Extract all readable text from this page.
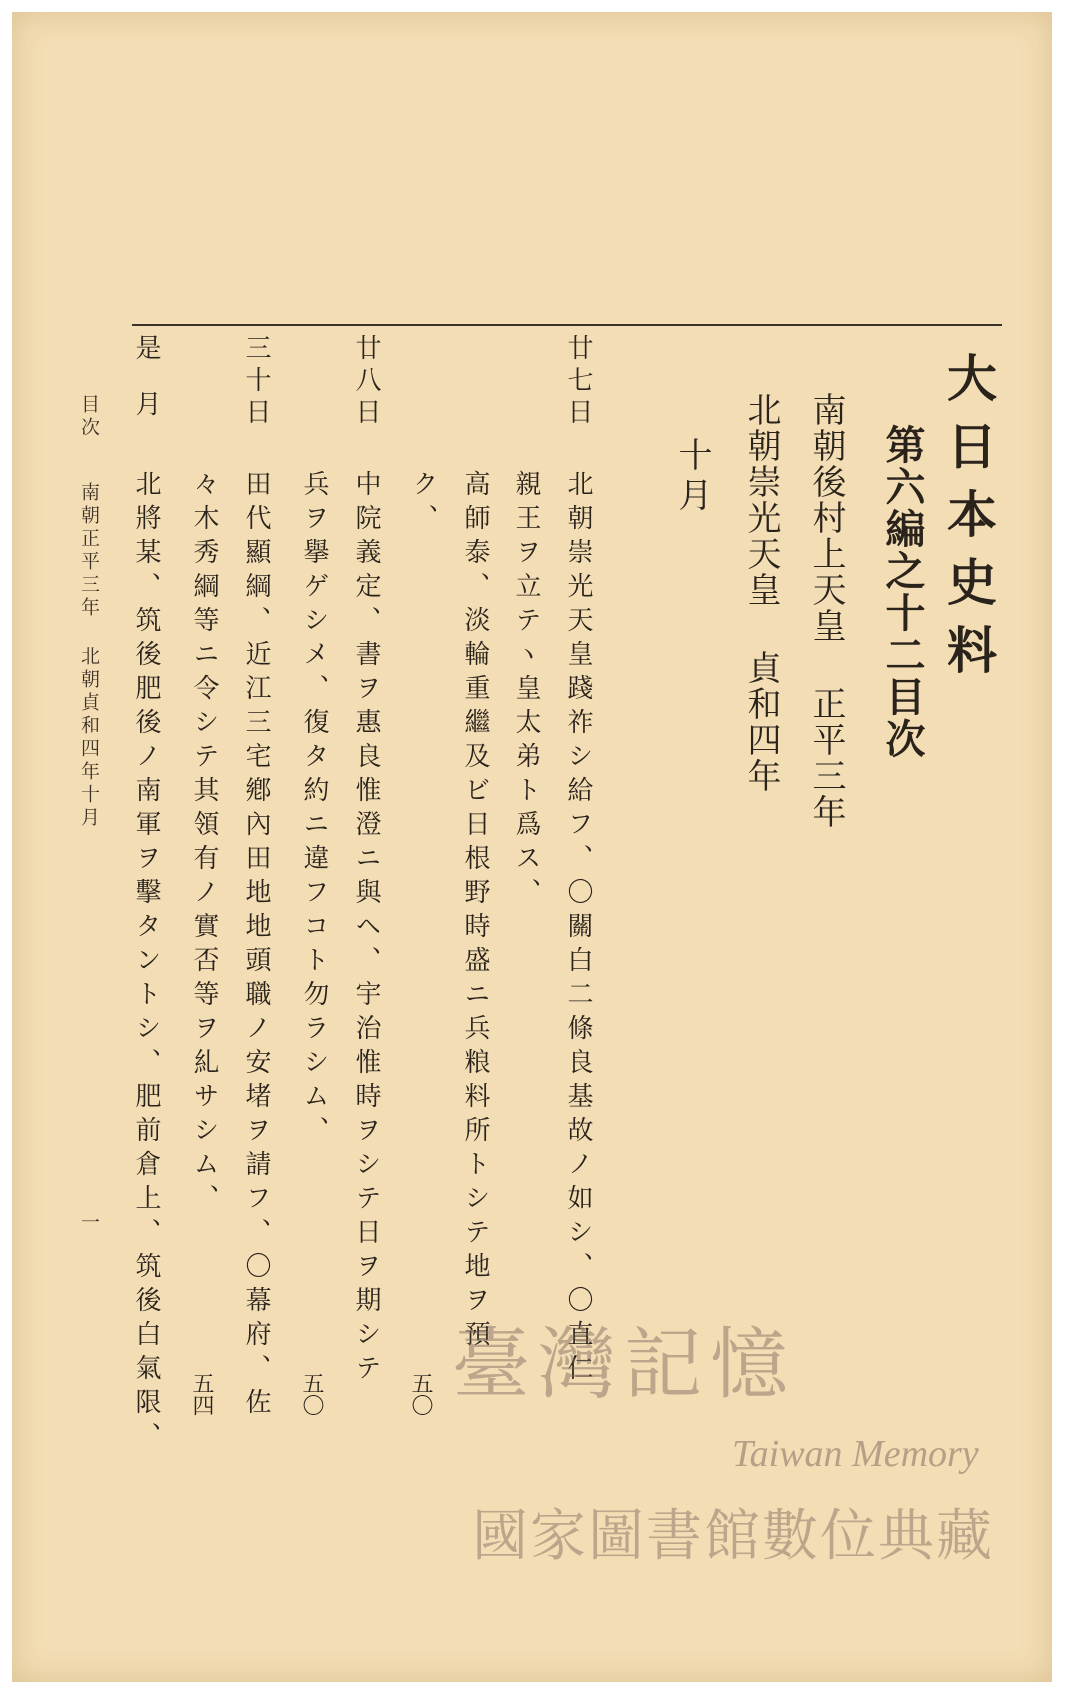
大日本史料
第六編之十二目次
南朝後村上天皇 正平三年
北朝崇光天皇 貞和四年
十月
廿七日
北朝崇光天皇踐祚シ給フ、〇關白二條良基故ノ如シ、〇直仁
親王ヲ立テヽ皇太弟ト爲ス、
高師泰、淡輪重繼及ビ日根野時盛ニ兵粮料所トシテ地ヲ預
ク、
五〇
廿八日
中院義定、書ヲ惠良惟澄ニ與ヘ、宇治惟時ヲシテ日ヲ期シテ
兵ヲ擧ゲシメ、復タ約ニ違フコト勿ラシム、
五〇
三十日
田代顯綱、近江三宅鄕內田地地頭職ノ安堵ヲ請フ、〇幕府、佐
々木秀綱等ニ令シテ其領有ノ實否等ヲ糺サシム、
五四
是月
北將某、筑後肥後ノ南軍ヲ擊タントシ、肥前倉上、筑後白氣限、
目次
南朝正平三年 北朝貞和四年十月
一
臺灣記憶
Taiwan Memory
國家圖書館數位典藏
